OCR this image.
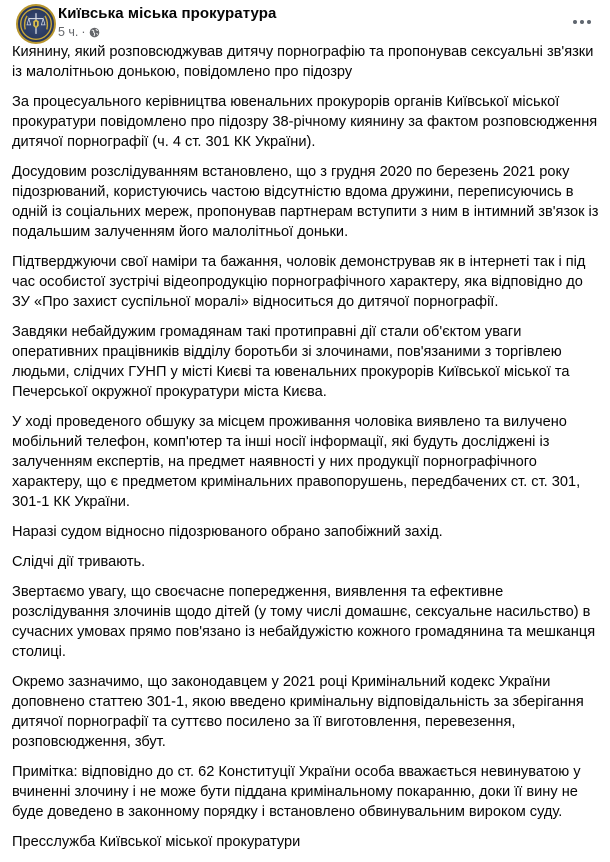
Київська міська прокуратура
5 ч. ·

Киянину, який розповсюджував дитячу порнографію та пропонував сексуальні зв'язки із малолітньою донькою, повідомлено про підозру

За процесуального керівництва ювенальних прокурорів органів Київської міської прокуратури повідомлено про підозру 38-річному киянину за фактом розповсюдження дитячої порнографії (ч. 4 ст. 301 КК України).

Досудовим розслідуванням встановлено, що з грудня 2020 по березень 2021 року підозрюваний, користуючись частою відсутністю вдома дружини, переписуючись в одній із соціальних мереж, пропонував партнерам вступити з ним в інтимний зв'язок із подальшим залученням його малолітньої доньки.

Підтверджуючи свої наміри та бажання, чоловік демонстрував як в інтернеті так і під час особистої зустрічі відеопродукцію порнографічного характеру, яка відповідно до ЗУ «Про захист суспільної моралі» відноситься до дитячої порнографії.

Завдяки небайдужим громадянам такі протиправні дії стали об'єктом уваги оперативних працівників відділу боротьби зі злочинами, пов'язаними з торгівлею людьми, слідчих ГУНП у місті Києві та ювенальних прокурорів Київської міської та Печерської окружної прокуратури міста Києва.

У ході проведеного обшуку за місцем проживання чоловіка виявлено та вилучено мобільний телефон, комп'ютер та інші носії інформації, які будуть досліджені із залученням експертів, на предмет наявності у них продукції порнографічного характеру, що є предметом кримінальних правопорушень, передбачених ст. ст. 301, 301-1 КК України.

Наразі судом відносно підозрюваного обрано запобіжний захід.

Слідчі дії тривають.

Звертаємо увагу, що своєчасне попередження, виявлення та ефективне розслідування злочинів щодо дітей (у тому числі домашнє, сексуальне насильство) в сучасних умовах прямо пов'язано із небайдужістю кожного громадянина та мешканця столиці.

Окремо зазначимо, що законодавцем у 2021 році Кримінальний кодекс України доповнено статтею 301-1, якою введено кримінальну відповідальність за зберігання дитячої порнографії та суттєво посилено за її виготовлення, перевезення, розповсюдження, збут.

Примітка: відповідно до ст. 62 Конституції України особа вважається невинуватою у вчиненні злочину і не може бути піддана кримінальному покаранню, доки її вину не буде доведено в законному порядку і встановлено обвинувальним вироком суду.

Пресслужба Київської міської прокуратури
